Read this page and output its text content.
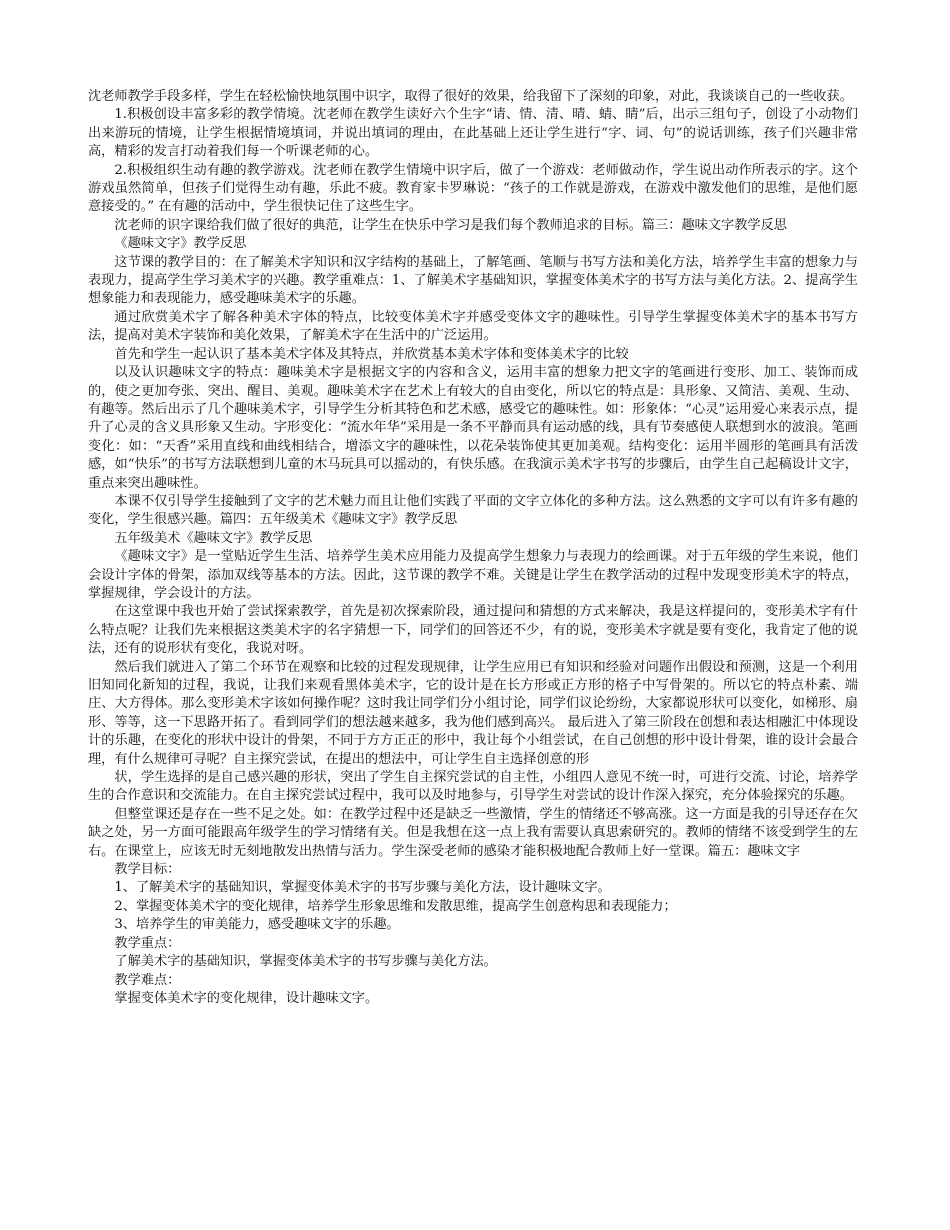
沈老师教学手段多样，学生在轻松愉快地氛围中识字，取得了很好的效果，给我留下了深刻的印象，对此，我谈谈自己的一些收获。

1.积极创设丰富多彩的教学情境。沈老师在教学生读好六个生字“请、情、清、晴、蜻、睛”后，出示三组句子，创设了小动物们出来游玩的情境，让学生根据情境填词，并说出填词的理由，在此基础上还让学生进行“字、词、句”的说话训练，孩子们兴趣非常高，精彩的发言打动着我们每一个听课老师的心。

2.积极组织生动有趣的教学游戏。沈老师在教学生情境中识字后，做了一个游戏：老师做动作，学生说出动作所表示的字。这个游戏虽然简单，但孩子们觉得生动有趣，乐此不疲。教育家卡罗琳说：“孩子的工作就是游戏，在游戏中激发他们的思维，是他们愿意接受的。” 在有趣的活动中，学生很快记住了这些生字。

沈老师的识字课给我们做了很好的典范，让学生在快乐中学习是我们每个教师追求的目标。篇三：趣味文字教学反思

《趣味文字》教学反思

这节课的教学目的：在了解美术字知识和汉字结构的基础上，了解笔画、笔顺与书写方法和美化方法，培养学生丰富的想象力与表现力，提高学生学习美术字的兴趣。教学重难点：1、了解美术字基础知识，掌握变体美术字的书写方法与美化方法。2、提高学生想象能力和表现能力，感受趣味美术字的乐趣。

通过欣赏美术字了解各种美术字体的特点，比较变体美术字并感受变体文字的趣味性。引导学生掌握变体美术字的基本书写方法，提高对美术字装饰和美化效果，了解美术字在生活中的广泛运用。

首先和学生一起认识了基本美术字体及其特点，并欣赏基本美术字体和变体美术字的比较

以及认识趣味文字的特点：趣味美术字是根据文字的内容和含义，运用丰富的想象力把文字的笔画进行变形、加工、装饰而成的，使之更加夸张、突出、醒目、美观。趣味美术字在艺术上有较大的自由变化，所以它的特点是：具形象、又简洁、美观、生动、有趣等。然后出示了几个趣味美术字，引导学生分析其特色和艺术感，感受它的趣味性。如：形象体：“心灵”运用爱心来表示点，提升了心灵的含义具形象又生动。字形变化：“流水年华”采用是一条不平静而具有运动感的线，具有节奏感使人联想到水的波浪。笔画变化：如：“天香”采用直线和曲线相结合，增添文字的趣味性，以花朵装饰使其更加美观。结构变化：运用半圆形的笔画具有活泼感，如“快乐”的书写方法联想到儿童的木马玩具可以摇动的，有快乐感。在我演示美术字书写的步骤后，由学生自己起稿设计文字，重点来突出趣味性。

本课不仅引导学生接触到了文字的艺术魅力而且让他们实践了平面的文字立体化的多种方法。这么熟悉的文字可以有许多有趣的变化，学生很感兴趣。篇四：五年级美术《趣味文字》教学反思

五年级美术《趣味文字》教学反思

《趣味文字》是一堂贴近学生生活、培养学生美术应用能力及提高学生想象力与表现力的绘画课。对于五年级的学生来说，他们会设计字体的骨架，添加双线等基本的方法。因此，这节课的教学不难。关键是让学生在教学活动的过程中发现变形美术字的特点，掌握规律，学会设计的方法。

在这堂课中我也开始了尝试探索教学，首先是初次探索阶段，通过提问和猜想的方式来解决，我是这样提问的，变形美术字有什么特点呢？让我们先来根据这类美术字的名字猜想一下，同学们的回答还不少，有的说，变形美术字就是要有变化，我肯定了他的说法，还有的说形状有变化，我说对呀。

然后我们就进入了第二个环节在观察和比较的过程发现规律，让学生应用已有知识和经验对问题作出假设和预测，这是一个利用旧知同化新知的过程，我说，让我们来观看黑体美术字，它的设计是在长方形或正方形的格子中写骨架的。所以它的特点朴素、端庄、大方得体。那么变形美术字该如何操作呢？这时我让同学们分小组讨论，同学们议论纷纷，大家都说形状可以变化，如梯形、扇形、等等，这一下思路开拓了。看到同学们的想法越来越多，我为他们感到高兴。 最后进入了第三阶段在创想和表达相融汇中体现设计的乐趣，在变化的形状中设计的骨架，不同于方方正正的形中，我让每个小组尝试，在自己创想的形中设计骨架，谁的设计会最合理，有什么规律可寻呢？自主探究尝试，在提出的想法中，可让学生自主选择创意的形

状，学生选择的是自己感兴趣的形状，突出了学生自主探究尝试的自主性，小组四人意见不统一时，可进行交流、讨论，培养学生的合作意识和交流能力。在自主探究尝试过程中，我可以及时地参与，引导学生对尝试的设计作深入探究，充分体验探究的乐趣。

但整堂课还是存在一些不足之处。如：在教学过程中还是缺乏一些激情，学生的情绪还不够高涨。这一方面是我的引导还存在欠缺之处，另一方面可能跟高年级学生的学习情绪有关。但是我想在这一点上我有需要认真思索研究的。教师的情绪不该受到学生的左右。在课堂上，应该无时无刻地散发出热情与活力。学生深受老师的感染才能积极地配合教师上好一堂课。篇五：趣味文字

教学目标：

1、了解美术字的基础知识，掌握变体美术字的书写步骤与美化方法，设计趣味文字。

2、掌握变体美术字的变化规律，培养学生形象思维和发散思维，提高学生创意构思和表现能力；

3、培养学生的审美能力，感受趣味文字的乐趣。

教学重点：

了解美术字的基础知识，掌握变体美术字的书写步骤与美化方法。

教学难点：

掌握变体美术字的变化规律，设计趣味文字。
